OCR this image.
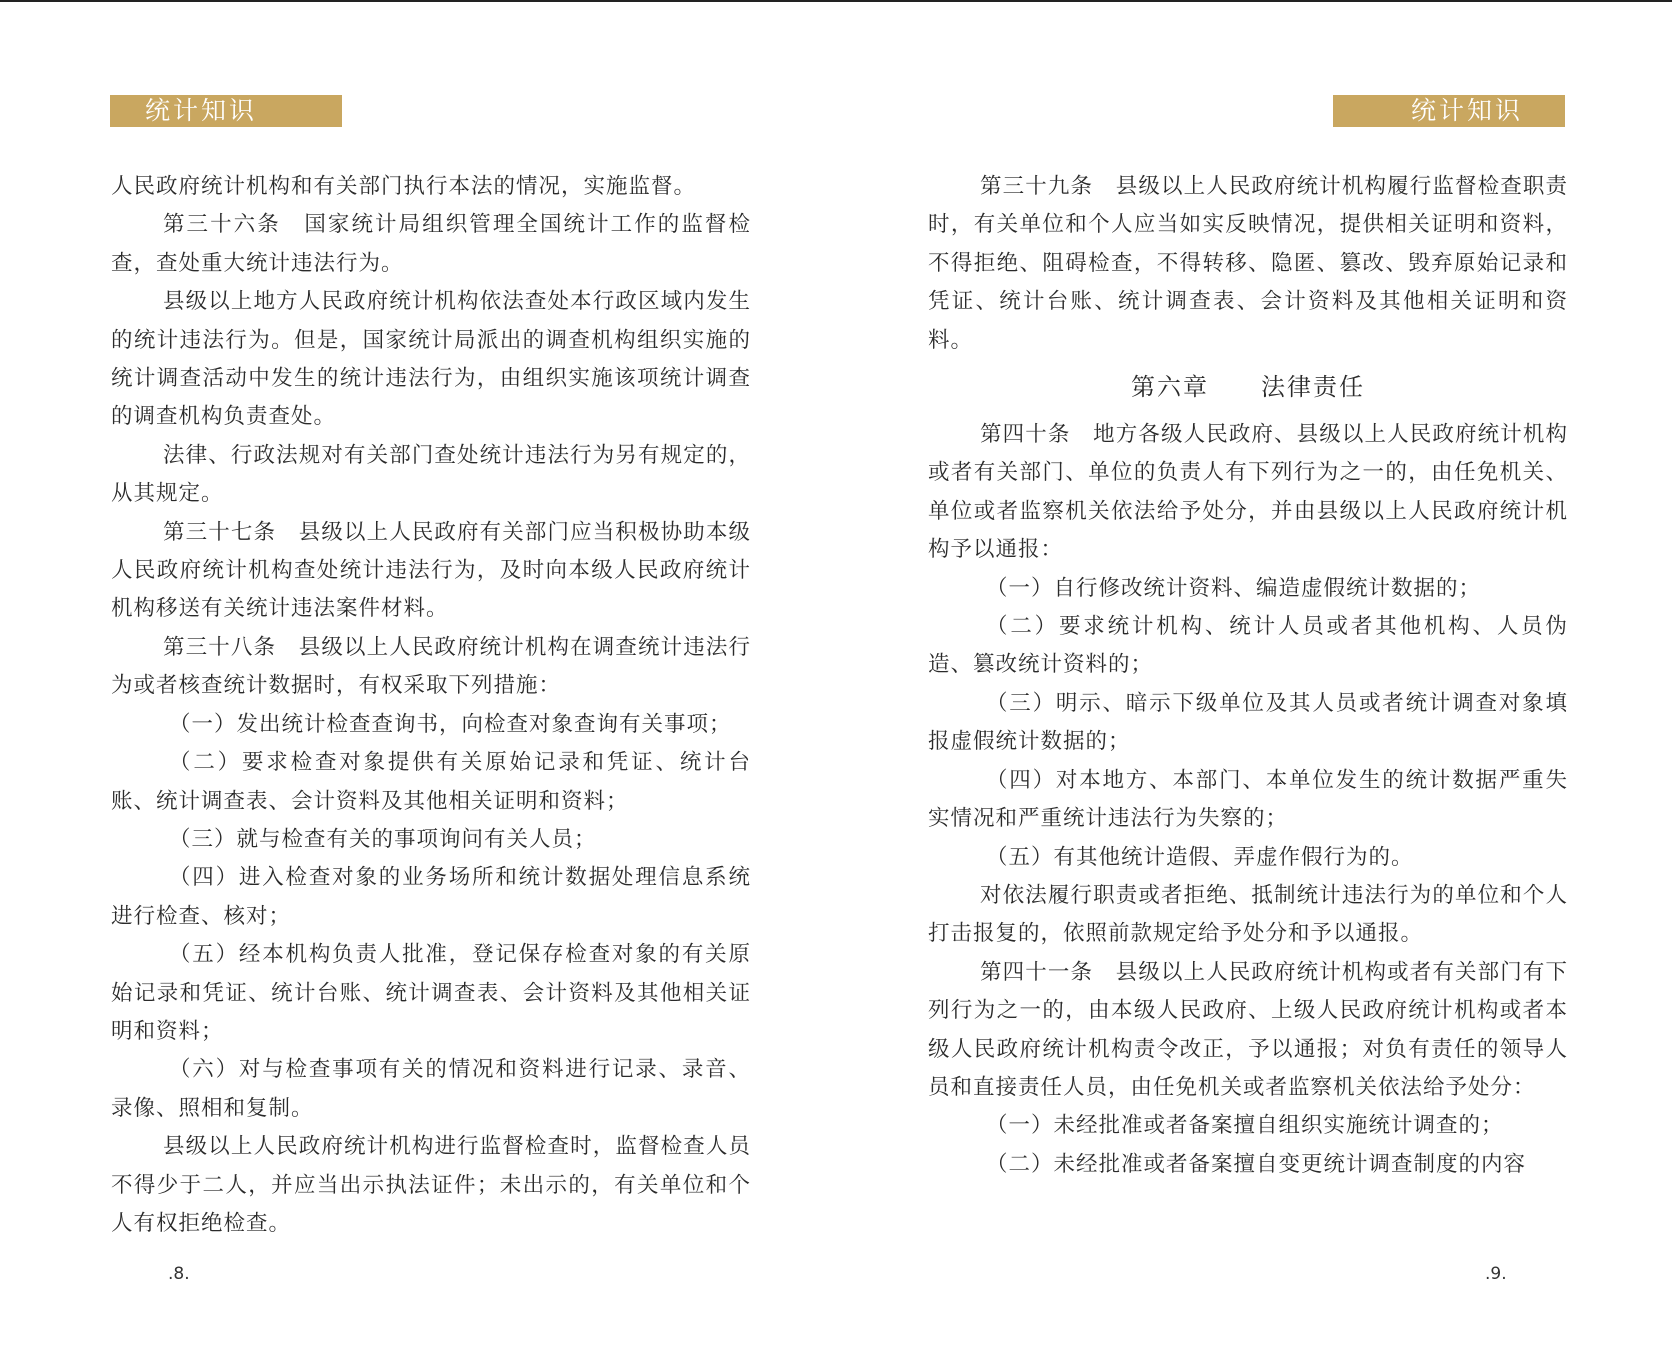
统计知识	统计知识

人民政府统计机构和有关部门执行本法的情况，实施监督。

第三十六条　国家统计局组织管理全国统计工作的监督检查，查处重大统计违法行为。

县级以上地方人民政府统计机构依法查处本行政区域内发生的统计违法行为。但是，国家统计局派出的调查机构组织实施的统计调查活动中发生的统计违法行为，由组织实施该项统计调查的调查机构负责查处。

法律、行政法规对有关部门查处统计违法行为另有规定的，从其规定。

第三十七条　县级以上人民政府有关部门应当积极协助本级人民政府统计机构查处统计违法行为，及时向本级人民政府统计机构移送有关统计违法案件材料。

第三十八条　县级以上人民政府统计机构在调查统计违法行为或者核查统计数据时，有权采取下列措施：

（一）发出统计检查查询书，向检查对象查询有关事项；

（二）要求检查对象提供有关原始记录和凭证、统计台账、统计调查表、会计资料及其他相关证明和资料；

（三）就与检查有关的事项询问有关人员；

（四）进入检查对象的业务场所和统计数据处理信息系统进行检查、核对；

（五）经本机构负责人批准，登记保存检查对象的有关原始记录和凭证、统计台账、统计调查表、会计资料及其他相关证明和资料；

（六）对与检查事项有关的情况和资料进行记录、录音、录像、照相和复制。

县级以上人民政府统计机构进行监督检查时，监督检查人员不得少于二人，并应当出示执法证件；未出示的，有关单位和个人有权拒绝检查。

第三十九条　县级以上人民政府统计机构履行监督检查职责时，有关单位和个人应当如实反映情况，提供相关证明和资料，不得拒绝、阻碍检查，不得转移、隐匿、篡改、毁弃原始记录和凭证、统计台账、统计调查表、会计资料及其他相关证明和资料。

第六章　　法律责任

第四十条　地方各级人民政府、县级以上人民政府统计机构或者有关部门、单位的负责人有下列行为之一的，由任免机关、单位或者监察机关依法给予处分，并由县级以上人民政府统计机构予以通报：

（一）自行修改统计资料、编造虚假统计数据的；

（二）要求统计机构、统计人员或者其他机构、人员伪造、篡改统计资料的；

（三）明示、暗示下级单位及其人员或者统计调查对象填报虚假统计数据的；

（四）对本地方、本部门、本单位发生的统计数据严重失实情况和严重统计违法行为失察的；

（五）有其他统计造假、弄虚作假行为的。

对依法履行职责或者拒绝、抵制统计违法行为的单位和个人打击报复的，依照前款规定给予处分和予以通报。

第四十一条　县级以上人民政府统计机构或者有关部门有下列行为之一的，由本级人民政府、上级人民政府统计机构或者本级人民政府统计机构责令改正，予以通报；对负有责任的领导人员和直接责任人员，由任免机关或者监察机关依法给予处分：

（一）未经批准或者备案擅自组织实施统计调查的；

（二）未经批准或者备案擅自变更统计调查制度的内容

.8.	.9.
